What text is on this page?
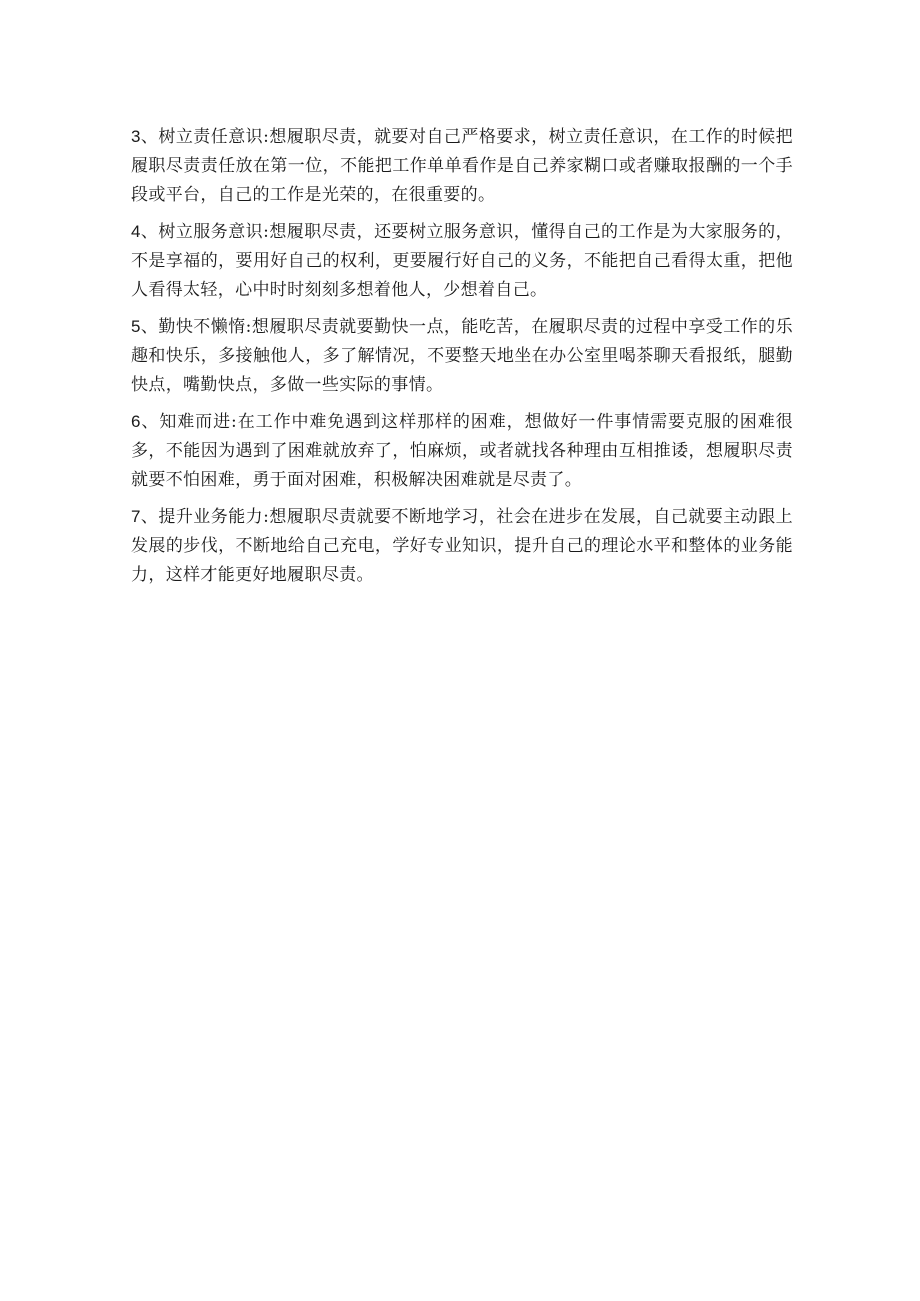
3、树立责任意识:想履职尽责，就要对自己严格要求，树立责任意识，在工作的时候把履职尽责责任放在第一位，不能把工作单单看作是自己养家糊口或者赚取报酬的一个手段或平台，自己的工作是光荣的，在很重要的。

4、树立服务意识:想履职尽责，还要树立服务意识，懂得自己的工作是为大家服务的，不是享福的，要用好自己的权利，更要履行好自己的义务，不能把自己看得太重，把他人看得太轻，心中时时刻刻多想着他人，少想着自己。

5、勤快不懒惰:想履职尽责就要勤快一点，能吃苦，在履职尽责的过程中享受工作的乐趣和快乐，多接触他人，多了解情况，不要整天地坐在办公室里喝茶聊天看报纸，腿勤快点，嘴勤快点，多做一些实际的事情。

6、知难而进:在工作中难免遇到这样那样的困难，想做好一件事情需要克服的困难很多，不能因为遇到了困难就放弃了，怕麻烦，或者就找各种理由互相推诿，想履职尽责就要不怕困难，勇于面对困难，积极解决困难就是尽责了。

7、提升业务能力:想履职尽责就要不断地学习，社会在进步在发展，自己就要主动跟上发展的步伐，不断地给自己充电，学好专业知识，提升自己的理论水平和整体的业务能力，这样才能更好地履职尽责。
